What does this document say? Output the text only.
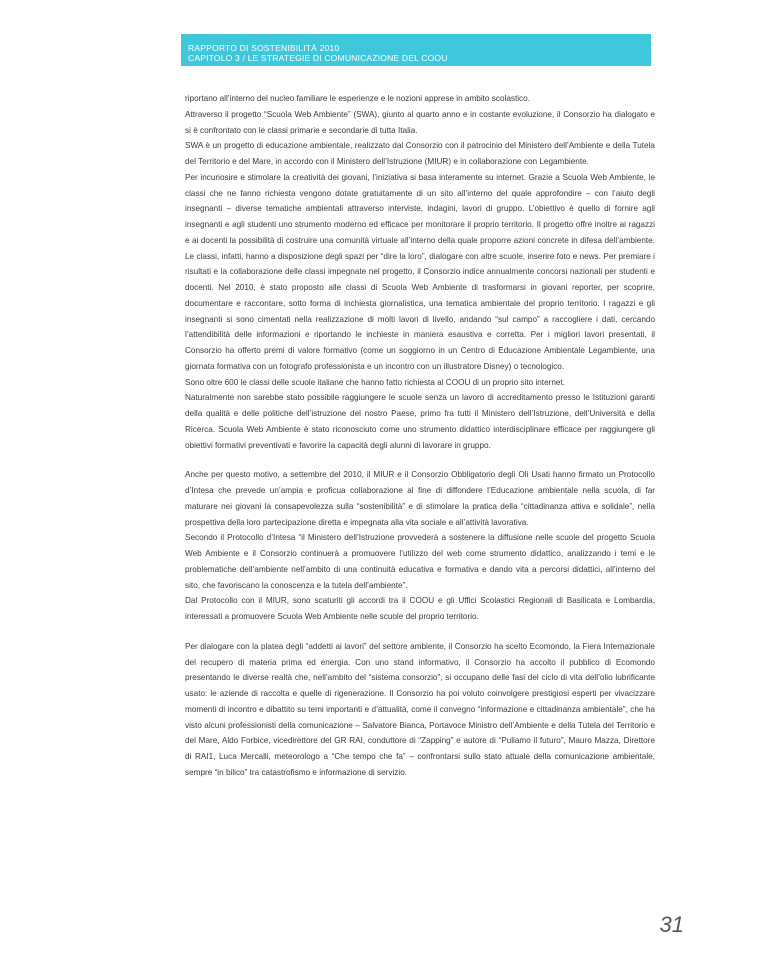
RAPPORTO DI SOSTENIBILITÀ 2010
CAPITOLO 3 / LE STRATEGIE DI COMUNICAZIONE DEL COOU

riportano all’interno del nucleo familiare le esperienze e le nozioni apprese in ambito scolastico.

Attraverso il progetto “Scuola Web Ambiente” (SWA), giunto al quarto anno e in costante evoluzione, il Consorzio ha dialogato e si è confrontato con le classi primarie e secondarie di tutta Italia.

SWA è un progetto di educazione ambientale, realizzato dal Consorzio con il patrocinio del Ministero dell’Ambiente e della Tutela del Territorio e del Mare, in accordo con il Ministero dell’Istruzione (MIUR) e in collaborazione con Legambiente.

Per incuriosire e stimolare la creatività dei giovani, l’iniziativa si basa interamente su internet. Grazie a Scuola Web Ambiente, le classi che ne fanno richiesta vengono dotate gratuitamente di un sito all’interno del quale approfondire – con l’aiuto degli insegnanti – diverse tematiche ambientali attraverso interviste, indagini, lavori di gruppo. L’obiettivo è quello di fornire agli insegnanti e agli studenti uno strumento moderno ed efficace per monitorare il proprio territorio. Il progetto offre inoltre ai ragazzi e ai docenti la possibilità di costruire una comunità virtuale all’interno della quale proporre azioni concrete in difesa dell’ambiente. Le classi, infatti, hanno a disposizione degli spazi per “dire la loro”, dialogare con altre scuole, inserire foto e news. Per premiare i risultati e la collaborazione delle classi impegnate nel progetto, il Consorzio indice annualmente concorsi nazionali per studenti e docenti. Nel 2010, è stato proposto alle classi di Scuola Web Ambiente di trasformarsi in giovani reporter, per scoprire, documentare e raccontare, sotto forma di inchiesta giornalistica, una tematica ambientale del proprio territorio. I ragazzi e gli insegnanti si sono cimentati nella realizzazione di molti lavori di livello, andando “sul campo” a raccogliere i dati, cercando l’attendibilità delle informazioni e riportando le inchieste in maniera esaustiva e corretta. Per i migliori lavori presentati, il Consorzio ha offerto premi di valore formativo (come un soggiorno in un Centro di Educazione Ambientale Legambiente, una giornata formativa con un fotografo professionista e un incontro con un illustratore Disney) o tecnologico.

Sono oltre 600 le classi delle scuole italiane che hanno fatto richiesta al COOU di un proprio sito internet.

Naturalmente non sarebbe stato possibile raggiungere le scuole senza un lavoro di accreditamento presso le Istituzioni garanti della qualità e delle politiche dell’istruzione del nostro Paese, primo fra tutti il Ministero dell’Istruzione, dell’Università e della Ricerca. Scuola Web Ambiente è stato riconosciuto come uno strumento didattico interdisciplinare efficace per raggiungere gli obiettivi formativi preventivati e favorire la capacità degli alunni di lavorare in gruppo.

Anche per questo motivo, a settembre del 2010, il MIUR e il Consorzio Obbligatorio degli Oli Usati hanno firmato un Protocollo d’Intesa che prevede un’ampia e proficua collaborazione al fine di diffondere l’Educazione ambientale nella scuola, di far maturare nei giovani la consapevolezza sulla “sostenibilità” e di stimolare la pratica della “cittadinanza attiva e solidale”, nella prospettiva della loro partecipazione diretta e impegnata alla vita sociale e all’attività lavorativa.

Secondo il Protocollo d’Intesa “il Ministero dell’Istruzione provvederà a sostenere la diffusione nelle scuole del progetto Scuola Web Ambiente e il Consorzio continuerà a promuovere l’utilizzo del web come strumento didattico, analizzando i temi e le problematiche dell’ambiente nell’ambito di una continuità educativa e formativa e dando vita a percorsi didattici, all’interno del sito, che favoriscano la conoscenza e la tutela dell’ambiente”.

Dal Protocollo con il MIUR, sono scaturiti gli accordi tra il COOU e gli Uffici Scolastici Regionali di Basilicata e Lombardia, interessati a promuovere Scuola Web Ambiente nelle scuole del proprio territorio.

Per dialogare con la platea degli “addetti ai lavori” del settore ambiente, il Consorzio ha scelto Ecomondo, la Fiera Internazionale del recupero di materia prima ed energia. Con uno stand informativo, il Consorzio ha accolto il pubblico di Ecomondo presentando le diverse realtà che, nell’ambito del “sistema consorzio”, si occupano delle fasi del ciclo di vita dell’olio lubrificante usato: le aziende di raccolta e quelle di rigenerazione. Il Consorzio ha poi voluto coinvolgere prestigiosi esperti per vivacizzare momenti di incontro e dibattito su temi importanti e d’attualità, come il convegno “informazione e cittadinanza ambientale”, che ha visto alcuni professionisti della comunicazione – Salvatore Bianca, Portavoce Ministro dell’Ambiente e della Tutela del Territorio e del Mare, Aldo Forbice, vicedirettore del GR RAI, conduttore di “Zapping” e autore di “Puliamo il futuro”, Mauro Mazza, Direttore di RAI1, Luca Mercalli, meteorologo a “Che tempo che fa” – confrontarsi sullo stato attuale della comunicazione ambientale, sempre “in bilico” tra catastrofismo e informazione di servizio.

31
